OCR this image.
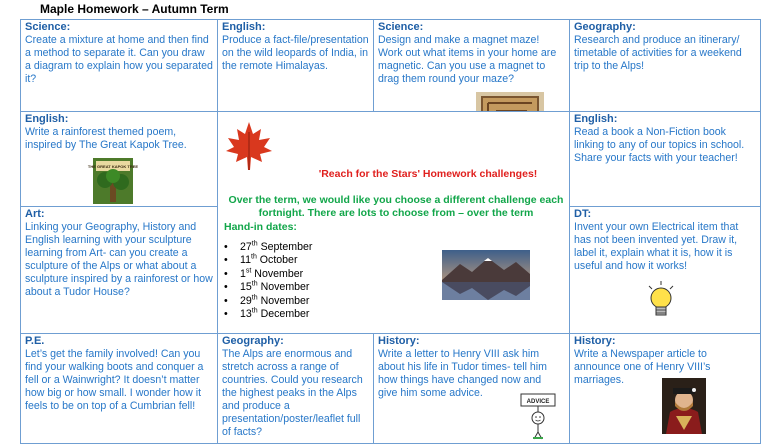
Maple Homework – Autumn Term
Science:

Create a mixture at home and then find a method to separate it. Can you draw a diagram to explain how you separated it?

English:

Produce a fact-file/presentation on the wild leopards of India, in the remote Himalayas.

Science:

Design and make a magnet maze! Work out what items in your home are magnetic. Can you use a magnet to drag them round your maze?

Geography:

Research and produce an itinerary/ timetable of activities for a weekend trip to the Alps!

English:

Write a rainforest themed poem, inspired by The Great Kapok Tree.

THE GREAT KAPOK TREE
English:

Read a book a Non-Fiction book linking to any of our topics in school. Share your facts with your teacher!

'Reach for the Stars' Homework challenges!
Over the term, we would like you choose a different challenge each fortnight. There are lots to choose from – over the term
Hand-in dates:
• 27th September
• 11th October
• 1st November
• 15th November
• 29th November
• 13th December
Art:

Linking your Geography, History and English learning with your sculpture learning from Art- can you create a sculpture of the Alps or what about a sculpture inspired by a rainforest or how about a Tudor House?

DT:

Invent your own Electrical item that has not been invented yet. Draw it, label it, explain what it is, how it is useful and how it works!

P.E.

Let’s get the family involved! Can you find your walking boots and conquer a fell or a Wainwright? It doesn’t matter how big or how small. I wonder how it feels to be on top of a Cumbrian fell!

Geography:

The Alps are enormous and stretch across a range of countries. Could you research the highest peaks in the Alps and produce a presentation/poster/leaflet full of facts?

History:

Write a letter to Henry VIII ask him about his life in Tudor times- tell him how things have changed now and give him some advice.

ADVICE
History:

Write a Newspaper article to announce one of Henry VIII’s marriages.
